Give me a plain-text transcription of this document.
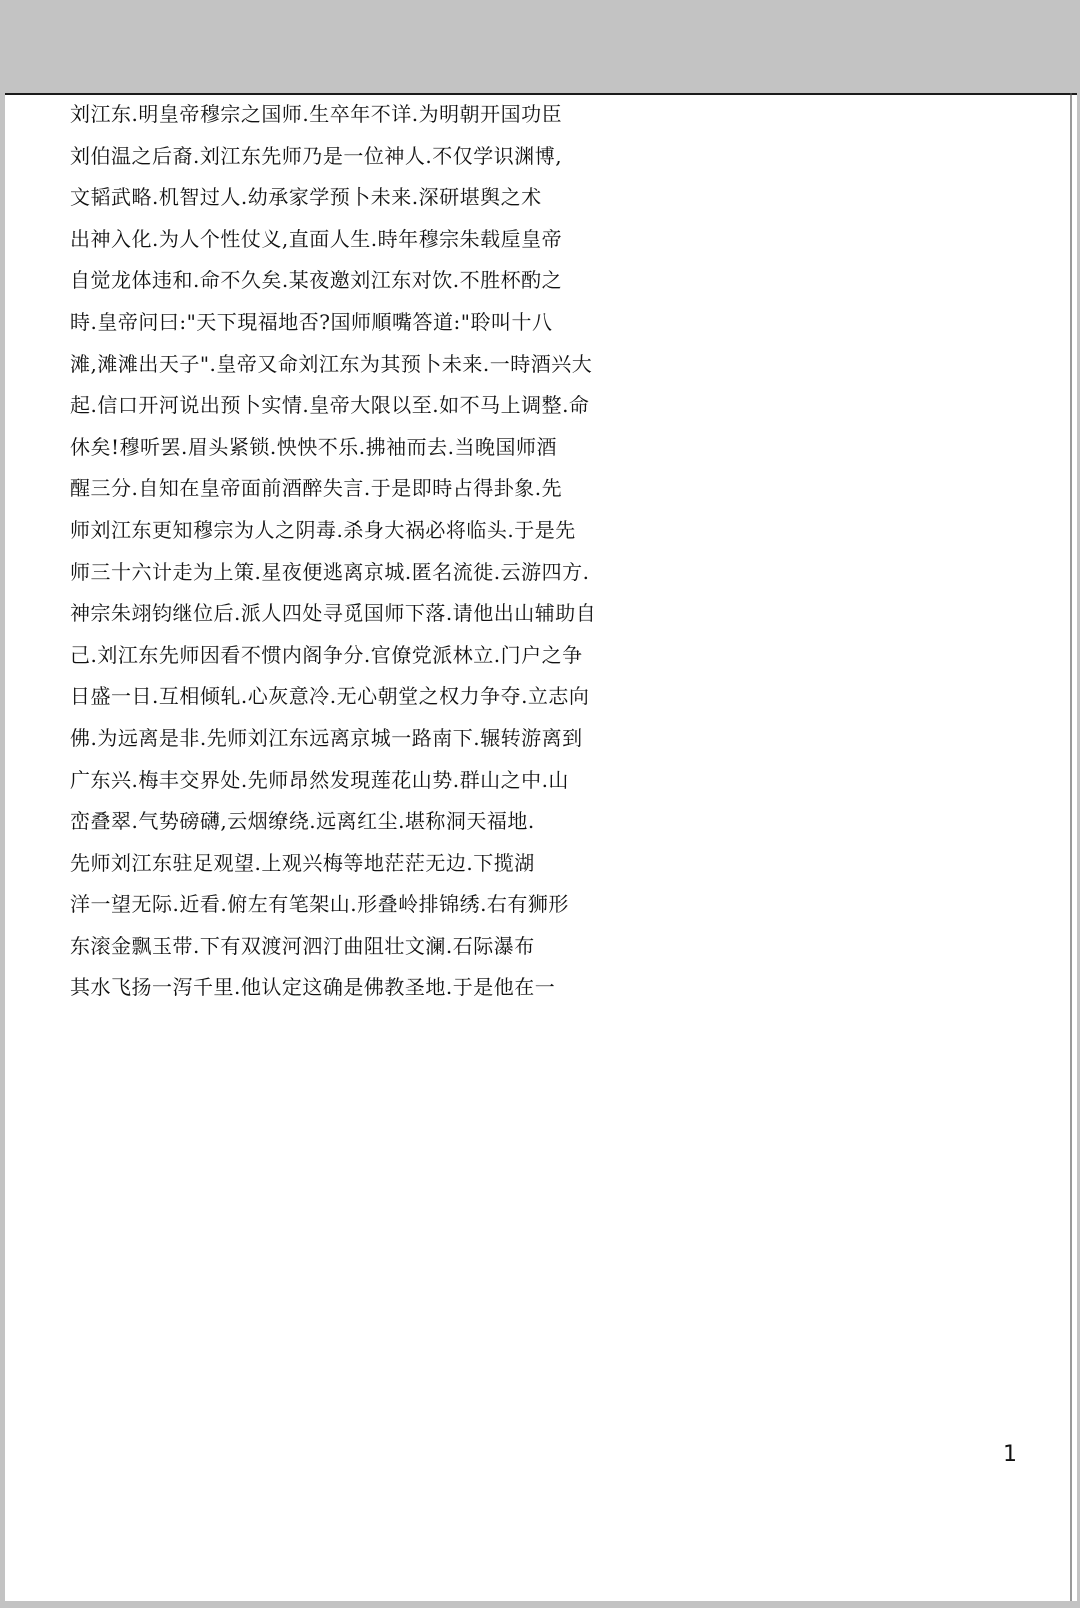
刘江东.明皇帝穆宗之国师.生卒年不详.为明朝开国功臣
刘伯温之后裔.刘江东先师乃是一位神人.不仅学识渊博,
文韬武略.机智过人.幼承家学预卜未来.深研堪舆之术
出神入化.为人个性仗义,直面人生.時年穆宗朱载垕皇帝
自觉龙体违和.命不久矣.某夜邀刘江东对饮.不胜杯酌之
時.皇帝问曰:"天下現福地否?国师順嘴答道:"聆叫十八
滩,滩滩出天子".皇帝又命刘江东为其预卜未来.一時酒兴大
起.信口开河说出预卜实情.皇帝大限以至.如不马上调整.命
休矣!穆听罢.眉头紧锁.怏怏不乐.拂袖而去.当晚国师酒
醒三分.自知在皇帝面前酒醉失言.于是即時占得卦象.先
师刘江东更知穆宗为人之阴毒.杀身大祸必将临头.于是先
师三十六计走为上策.星夜便逃离京城.匿名流徙.云游四方.
神宗朱翊钧继位后.派人四处寻觅国师下落.请他出山辅助自
己.刘江东先师因看不惯内阁争分.官僚党派林立.门户之争
日盛一日.互相倾轧.心灰意冷.无心朝堂之权力争夺.立志向
佛.为远离是非.先师刘江东远离京城一路南下.辗转游离到
广东兴.梅丰交界处.先师昂然发現莲花山势.群山之中.山
峦叠翠.气势磅礴,云烟缭绕.远离红尘.堪称洞天福地.
先师刘江东驻足观望.上观兴梅等地茫茫无边.下揽湖
洋一望无际.近看.俯左有笔架山.形叠岭排锦绣.右有狮形
东滚金飘玉带.下有双渡河泗汀曲阻壮文澜.石际瀑布
其水飞扬一泻千里.他认定这确是佛教圣地.于是他在一
1
